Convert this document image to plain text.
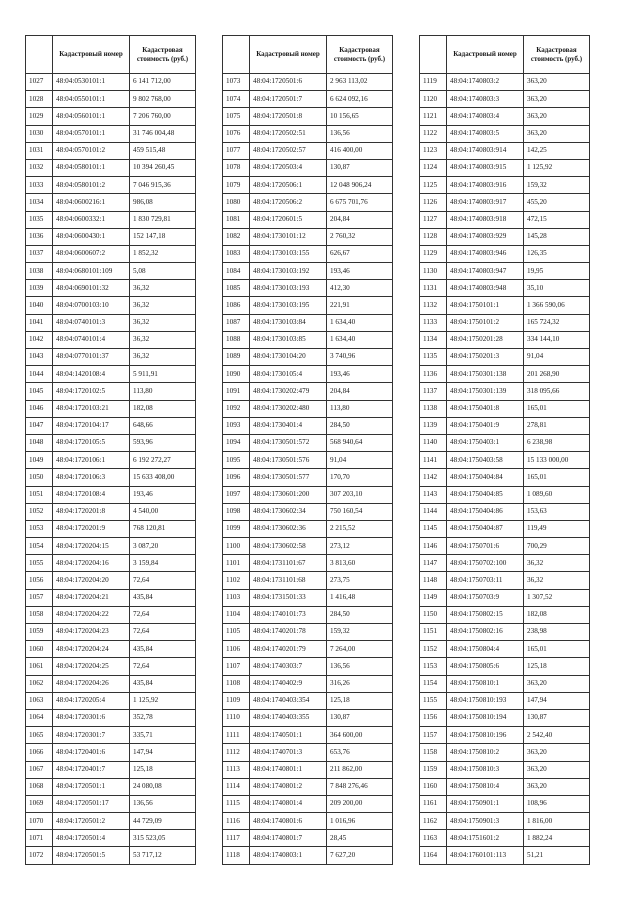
	Кадастровый номер	Кадастровая стоимость (руб.)
1027	48:04:0530101:1	6 141 712,00
1028	48:04:0550101:1	9 802 768,00
1029	48:04:0560101:1	7 206 760,00
1030	48:04:0570101:1	31 746 004,48
1031	48:04:0570101:2	459 515,48
1032	48:04:0580101:1	10 394 260,45
1033	48:04:0580101:2	7 046 915,36
1034	48:04:0600216:1	986,08
1035	48:04:0600332:1	1 830 729,81
1036	48:04:0600430:1	152 147,18
1037	48:04:0600607:2	1 852,32
1038	48:04:0680101:109	5,08
1039	48:04:0690101:32	36,32
1040	48:04:0700103:10	36,32
1041	48:04:0740101:3	36,32
1042	48:04:0740101:4	36,32
1043	48:04:0770101:37	36,32
1044	48:04:1420108:4	5 911,91
1045	48:04:1720102:5	113,80
1046	48:04:1720103:21	182,08
1047	48:04:1720104:17	648,66
1048	48:04:1720105:5	593,96
1049	48:04:1720106:1	6 192 272,27
1050	48:04:1720106:3	15 633 408,00
1051	48:04:1720108:4	193,46
1052	48:04:1720201:8	4 540,00
1053	48:04:1720201:9	768 120,81
1054	48:04:1720204:15	3 087,20
1055	48:04:1720204:16	3 159,84
1056	48:04:1720204:20	72,64
1057	48:04:1720204:21	435,84
1058	48:04:1720204:22	72,64
1059	48:04:1720204:23	72,64
1060	48:04:1720204:24	435,84
1061	48:04:1720204:25	72,64
1062	48:04:1720204:26	435,84
1063	48:04:1720205:4	1 125,92
1064	48:04:1720301:6	352,78
1065	48:04:1720301:7	335,71
1066	48:04:1720401:6	147,94
1067	48:04:1720401:7	125,18
1068	48:04:1720501:1	24 080,08
1069	48:04:1720501:17	136,56
1070	48:04:1720501:2	44 729,09
1071	48:04:1720501:4	315 523,05
1072	48:04:1720501:5	53 717,12
	Кадастровый номер	Кадастровая стоимость (руб.)
1073	48:04:1720501:6	2 963 113,02
1074	48:04:1720501:7	6 624 092,16
1075	48:04:1720501:8	10 156,65
1076	48:04:1720502:51	136,56
1077	48:04:1720502:57	416 400,00
1078	48:04:1720503:4	130,87
1079	48:04:1720506:1	12 048 906,24
1080	48:04:1720506:2	6 675 701,76
1081	48:04:1720601:5	204,84
1082	48:04:1730101:12	2 760,32
1083	48:04:1730103:155	626,67
1084	48:04:1730103:192	193,46
1085	48:04:1730103:193	412,30
1086	48:04:1730103:195	221,91
1087	48:04:1730103:84	1 634,40
1088	48:04:1730103:85	1 634,40
1089	48:04:1730104:20	3 740,96
1090	48:04:1730105:4	193,46
1091	48:04:1730202:479	204,84
1092	48:04:1730202:480	113,80
1093	48:04:1730401:4	284,50
1094	48:04:1730501:572	568 940,64
1095	48:04:1730501:576	91,04
1096	48:04:1730501:577	170,70
1097	48:04:1730601:200	307 203,10
1098	48:04:1730602:34	750 160,54
1099	48:04:1730602:36	2 215,52
1100	48:04:1730602:58	273,12
1101	48:04:1731101:67	3 813,60
1102	48:04:1731101:68	273,75
1103	48:04:1731501:33	1 416,48
1104	48:04:1740101:73	284,50
1105	48:04:1740201:78	159,32
1106	48:04:1740201:79	7 264,00
1107	48:04:1740303:7	136,56
1108	48:04:1740402:9	316,26
1109	48:04:1740403:354	125,18
1110	48:04:1740403:355	130,87
1111	48:04:1740501:1	364 600,00
1112	48:04:1740701:3	653,76
1113	48:04:1740801:1	211 862,00
1114	48:04:1740801:2	7 848 276,46
1115	48:04:1740801:4	209 200,00
1116	48:04:1740801:6	1 016,96
1117	48:04:1740801:7	28,45
1118	48:04:1740803:1	7 627,20
	Кадастровый номер	Кадастровая стоимость (руб.)
1119	48:04:1740803:2	363,20
1120	48:04:1740803:3	363,20
1121	48:04:1740803:4	363,20
1122	48:04:1740803:5	363,20
1123	48:04:1740803:914	142,25
1124	48:04:1740803:915	1 125,92
1125	48:04:1740803:916	159,32
1126	48:04:1740803:917	455,20
1127	48:04:1740803:918	472,15
1128	48:04:1740803:929	145,28
1129	48:04:1740803:946	126,35
1130	48:04:1740803:947	19,95
1131	48:04:1740803:948	35,10
1132	48:04:1750101:1	1 366 590,06
1133	48:04:1750101:2	165 724,32
1134	48:04:1750201:28	334 144,10
1135	48:04:1750201:3	91,04
1136	48:04:1750301:138	201 268,90
1137	48:04:1750301:139	318 095,66
1138	48:04:1750401:8	165,01
1139	48:04:1750401:9	278,81
1140	48:04:1750403:1	6 238,98
1141	48:04:1750403:58	15 133 000,00
1142	48:04:1750404:84	165,01
1143	48:04:1750404:85	1 089,60
1144	48:04:1750404:86	153,63
1145	48:04:1750404:87	119,49
1146	48:04:1750701:6	700,29
1147	48:04:1750702:100	36,32
1148	48:04:1750703:11	36,32
1149	48:04:1750703:9	1 307,52
1150	48:04:1750802:15	182,08
1151	48:04:1750802:16	238,98
1152	48:04:1750804:4	165,01
1153	48:04:1750805:6	125,18
1154	48:04:1750810:1	363,20
1155	48:04:1750810:193	147,94
1156	48:04:1750810:194	130,87
1157	48:04:1750810:196	2 542,40
1158	48:04:1750810:2	363,20
1159	48:04:1750810:3	363,20
1160	48:04:1750810:4	363,20
1161	48:04:1750901:1	108,96
1162	48:04:1750901:3	1 816,00
1163	48:04:1751601:2	1 882,24
1164	48:04:1760101:113	51,21
